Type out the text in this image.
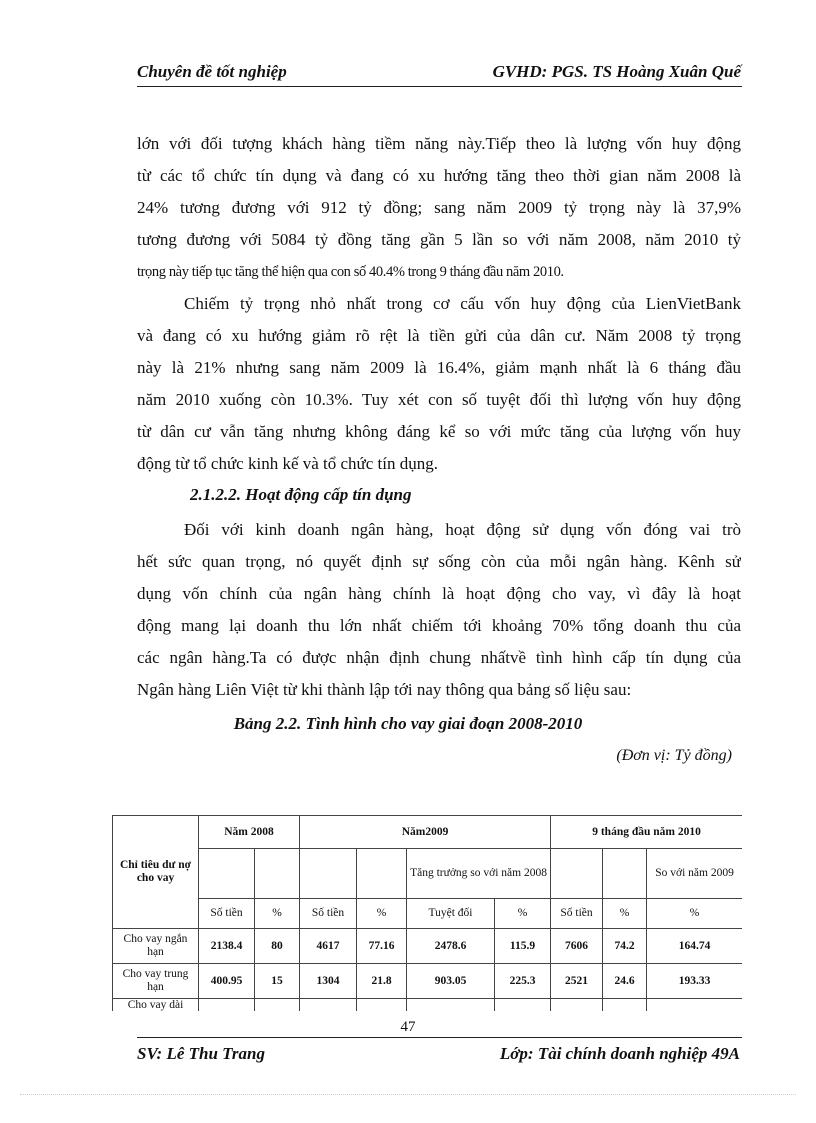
Chuyên đề tốt nghiệp	GVHD: PGS. TS Hoàng Xuân Quế

lớn với đối tượng khách hàng tiềm năng này.Tiếp theo là lượng vốn huy động

từ các tổ chức tín dụng và đang có xu hướng tăng theo thời gian năm 2008 là

24% tương đương với 912 tỷ đồng; sang năm 2009 tỷ trọng này là 37,9%

tương đương với 5084 tỷ đồng tăng gần 5 lần so với năm 2008, năm 2010 tỷ

trọng này tiếp tục tăng thể hiện qua con số 40.4% trong 9 tháng đầu năm 2010.

Chiếm tỷ trọng nhỏ nhất trong cơ cấu vốn huy động của LienVietBank

và đang có xu hướng giảm rõ rệt là tiền gửi của dân cư. Năm 2008 tỷ trọng

này là 21% nhưng sang năm 2009 là 16.4%, giảm mạnh nhất là 6 tháng đầu

năm 2010 xuống còn 10.3%. Tuy xét con số tuyệt đối thì lượng vốn huy động

từ dân cư vẫn tăng nhưng không đáng kể so với mức tăng của lượng vốn huy

động từ tổ chức kinh kế và tổ chức tín dụng.

2.1.2.2. Hoạt động cấp tín dụng

Đối với kinh doanh ngân hàng, hoạt động sử dụng vốn đóng vai trò

hết sức quan trọng, nó quyết định sự sống còn của mỗi ngân hàng. Kênh sử

dụng vốn chính của ngân hàng chính là hoạt động cho vay, vì đây là hoạt

động mang lại doanh thu lớn nhất chiếm tới khoảng 70% tổng doanh thu của

các ngân hàng.Ta có được nhận định chung nhấtvề tình hình cấp tín dụng của

Ngân hàng Liên Việt từ khi thành lập tới nay thông qua bảng số liệu sau:

Bảng 2.2. Tình hình cho vay giai đoạn 2008-2010
(Đơn vị: Tỷ đồng)
Chỉ tiêu dư nợ cho vay	Năm 2008		Năm2009				9 tháng đầu năm 2010		
					Tăng trưởng so với năm 2008				So với năm 2009
	Số tiền	%	Số tiền	%	Tuyệt đối	%	Số tiền	%	%
Cho vay ngắn hạn	2138.4	80	4617	77.16	2478.6	115.9	7606	74.2	164.74
Cho vay trung hạn	400.95	15	1304	21.8	903.05	225.3	2521	24.6	193.33
Cho vay dài									
47
SV: Lê Thu Trang	Lớp: Tài chính doanh nghiệp 49A
